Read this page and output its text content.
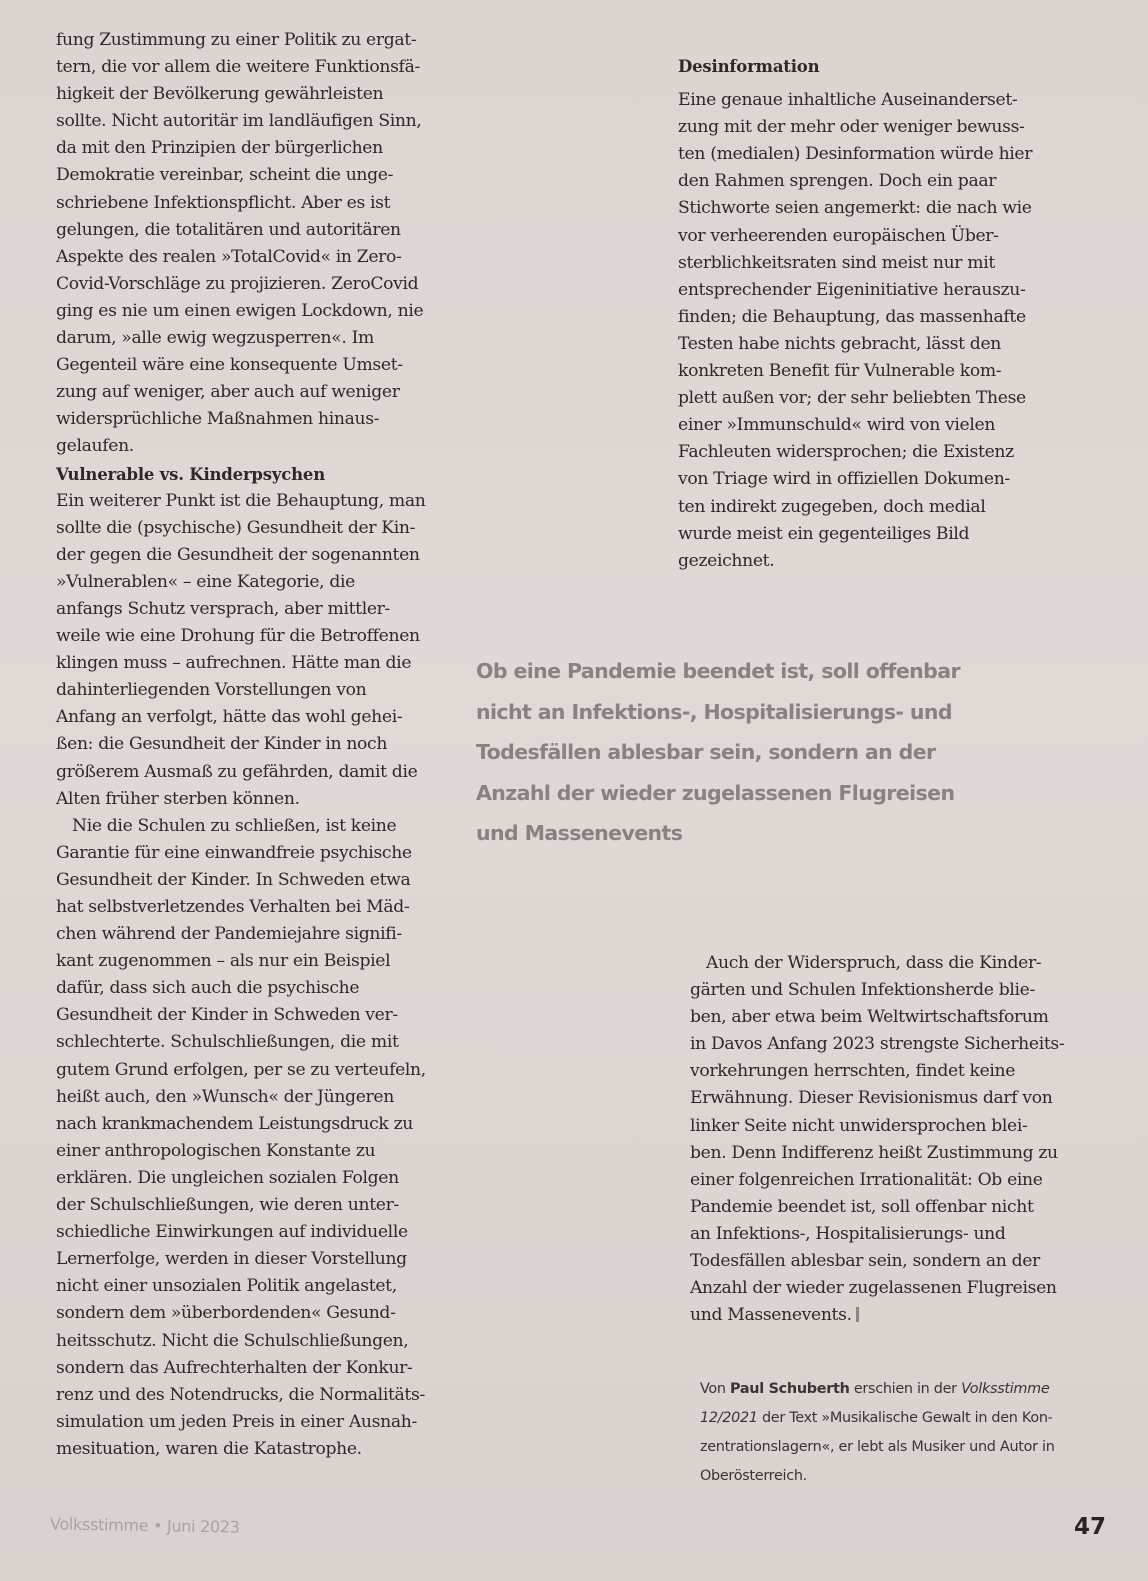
fung Zustimmung zu einer Politik zu ergat-
tern, die vor allem die weitere Funktionsfä-
higkeit der Bevölkerung gewährleisten
sollte. Nicht autoritär im landläufigen Sinn,
da mit den Prinzipien der bürgerlichen
Demokratie vereinbar, scheint die unge-
schriebene Infektionspflicht. Aber es ist
gelungen, die totalitären und autoritären
Aspekte des realen »TotalCovid« in Zero-
Covid-Vorschläge zu projizieren. ZeroCovid
ging es nie um einen ewigen Lockdown, nie
darum, »alle ewig wegzusperren«. Im
Gegenteil wäre eine konsequente Umset-
zung auf weniger, aber auch auf weniger
widersprüchliche Maßnahmen hinaus-
gelaufen.

Vulnerable vs. Kinderpsychen

Ein weiterer Punkt ist die Behauptung, man
sollte die (psychische) Gesundheit der Kin-
der gegen die Gesundheit der sogenannten
»Vulnerablen« – eine Kategorie, die
anfangs Schutz versprach, aber mittler-
weile wie eine Drohung für die Betroffenen
klingen muss – aufrechnen. Hätte man die
dahinterliegenden Vorstellungen von
Anfang an verfolgt, hätte das wohl gehei-
ßen: die Gesundheit der Kinder in noch
größerem Ausmaß zu gefährden, damit die
Alten früher sterben können.

Nie die Schulen zu schließen, ist keine
Garantie für eine einwandfreie psychische
Gesundheit der Kinder. In Schweden etwa
hat selbstverletzendes Verhalten bei Mäd-
chen während der Pandemiejahre signifi-
kant zugenommen – als nur ein Beispiel
dafür, dass sich auch die psychische
Gesundheit der Kinder in Schweden ver-
schlechterte. Schulschließungen, die mit
gutem Grund erfolgen, per se zu verteufeln,
heißt auch, den »Wunsch« der Jüngeren
nach krankmachendem Leistungsdruck zu
einer anthropologischen Konstante zu
erklären. Die ungleichen sozialen Folgen
der Schulschließungen, wie deren unter-
schiedliche Einwirkungen auf individuelle
Lernerfolge, werden in dieser Vorstellung
nicht einer unsozialen Politik angelastet,
sondern dem »überbordenden« Gesund-
heitsschutz. Nicht die Schulschließungen,
sondern das Aufrechterhalten der Konkur-
renz und des Notendrucks, die Normalitäts-
simulation um jeden Preis in einer Ausnah-
mesituation, waren die Katastrophe.

Desinformation

Eine genaue inhaltliche Auseinanderset-
zung mit der mehr oder weniger bewuss-
ten (medialen) Desinformation würde hier
den Rahmen sprengen. Doch ein paar
Stichworte seien angemerkt: die nach wie
vor verheerenden europäischen Über-
sterblichkeitsraten sind meist nur mit
entsprechender Eigeninitiative herauszu-
finden; die Behauptung, das massenhafte
Testen habe nichts gebracht, lässt den
konkreten Benefit für Vulnerable kom-
plett außen vor; der sehr beliebten These
einer »Immunschuld« wird von vielen
Fachleuten widersprochen; die Existenz
von Triage wird in offiziellen Dokumen-
ten indirekt zugegeben, doch medial
wurde meist ein gegenteiliges Bild
gezeichnet.

Ob eine Pandemie beendet ist, soll offenbar
nicht an Infektions-, Hospitalisierungs- und
Todesfällen ablesbar sein, sondern an der
Anzahl der wieder zugelassenen Flugreisen
und Massenevents

Auch der Widerspruch, dass die Kinder-
gärten und Schulen Infektionsherde blie-
ben, aber etwa beim Weltwirtschaftsforum
in Davos Anfang 2023 strengste Sicherheits-
vorkehrungen herrschten, findet keine
Erwähnung. Dieser Revisionismus darf von
linker Seite nicht unwidersprochen blei-
ben. Denn Indifferenz heißt Zustimmung zu
einer folgenreichen Irrationalität: Ob eine
Pandemie beendet ist, soll offenbar nicht
an Infektions-, Hospitalisierungs- und
Todesfällen ablesbar sein, sondern an der
Anzahl der wieder zugelassenen Flugreisen
und Massenevents.

Von Paul Schuberth erschien in der Volksstimme
12/2021 der Text »Musikalische Gewalt in den Kon-
zentrationslagern«, er lebt als Musiker und Autor in
Oberösterreich.
Volksstimme • Juni 2023	47
